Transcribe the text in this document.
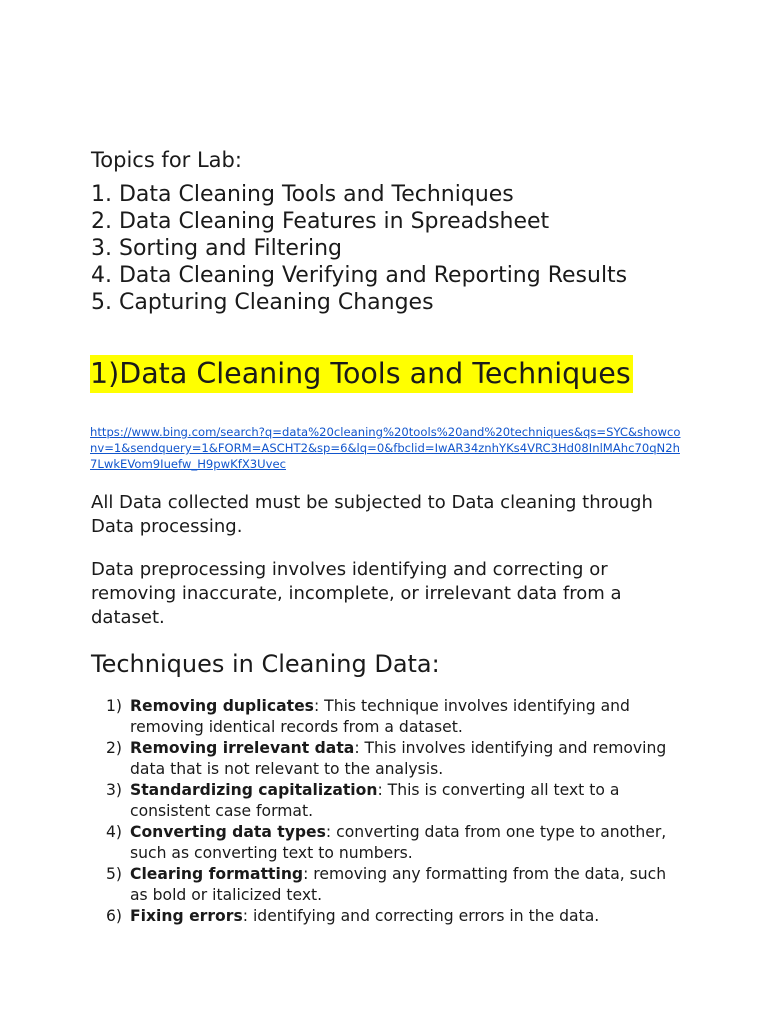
Topics for Lab:

1. Data Cleaning Tools and Techniques
2. Data Cleaning Features in Spreadsheet
3. Sorting and Filtering
4. Data Cleaning Verifying and Reporting Results
5. Capturing Cleaning Changes
1)Data Cleaning Tools and Techniques
https://www.bing.com/search?q=data%20cleaning%20tools%20and%20techniques&qs=SYC&showconv=1&sendquery=1&FORM=ASCHT2&sp=6&lq=0&fbclid=IwAR34znhYKs4VRC3Hd08InlMAhc70qN2h7LwkEVom9Iuefw_H9pwKfX3Uvec

All Data collected must be subjected to Data cleaning through Data processing.

Data preprocessing involves identifying and correcting or removing inaccurate, incomplete, or irrelevant data from a dataset.

Techniques in Cleaning Data:
1) Removing duplicates: This technique involves identifying and removing identical records from a dataset.
2) Removing irrelevant data: This involves identifying and removing data that is not relevant to the analysis.
3) Standardizing capitalization: This is converting all text to a consistent case format.
4) Converting data types: converting data from one type to another, such as converting text to numbers.
5) Clearing formatting: removing any formatting from the data, such as bold or italicized text.
6) Fixing errors: identifying and correcting errors in the data.
